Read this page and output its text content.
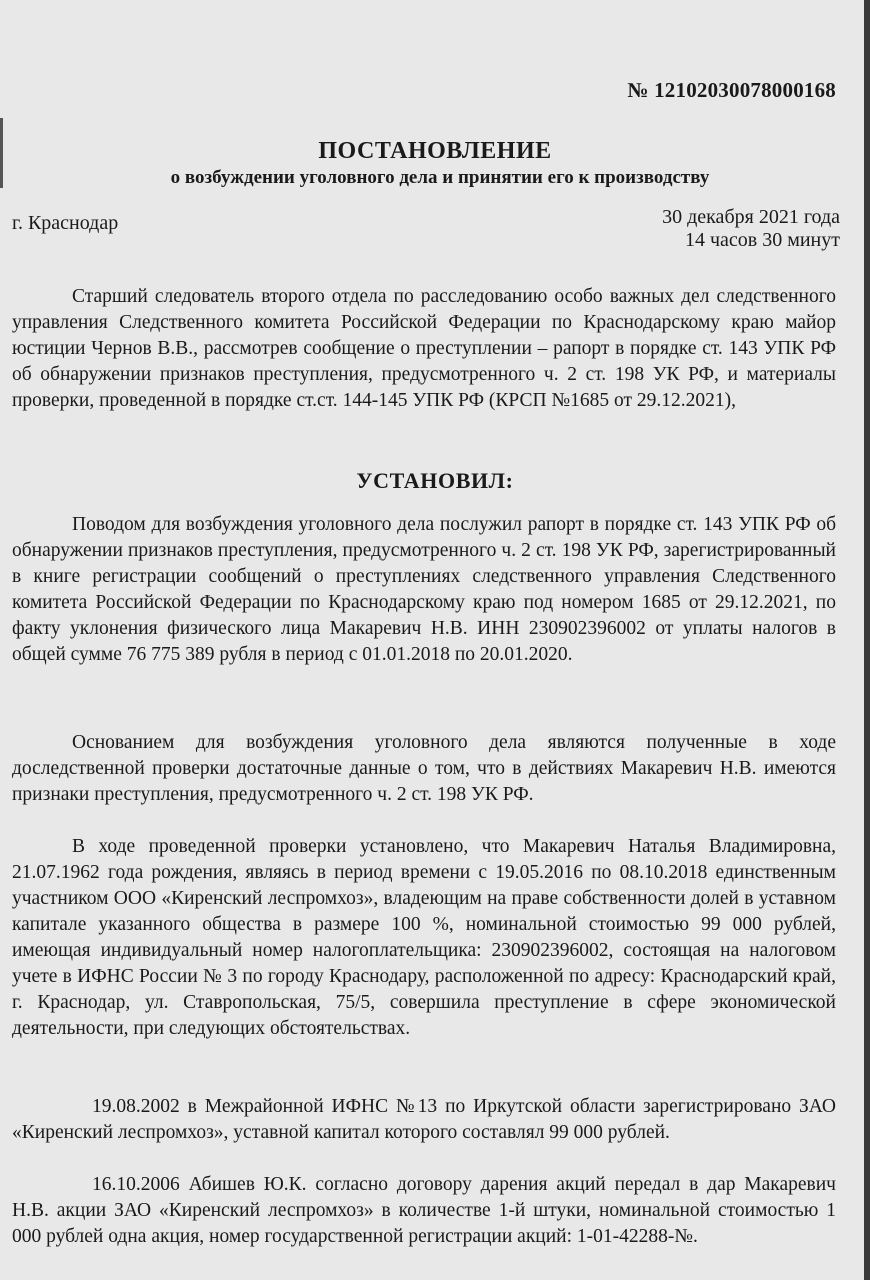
№ 12102030078000168
ПОСТАНОВЛЕНИЕ
о возбуждении уголовного дела и принятии его к производству
г. Краснодар	30 декабря 2021 года
14 часов 30 минут

Старший следователь второго отдела по расследованию особо важных дел следственного управления Следственного комитета Российской Федерации по Краснодарскому краю майор юстиции Чернов В.В., рассмотрев сообщение о преступлении – рапорт в порядке ст. 143 УПК РФ об обнаружении признаков преступления, предусмотренного ч. 2 ст. 198 УК РФ, и материалы проверки, проведенной в порядке ст.ст. 144-145 УПК РФ (КРСП №1685 от 29.12.2021),

УСТАНОВИЛ:

Поводом для возбуждения уголовного дела послужил рапорт в порядке ст. 143 УПК РФ об обнаружении признаков преступления, предусмотренного ч. 2 ст. 198 УК РФ, зарегистрированный в книге регистрации сообщений о преступлениях следственного управления Следственного комитета Российской Федерации по Краснодарскому краю под номером 1685 от 29.12.2021, по факту уклонения физического лица Макаревич Н.В. ИНН 230902396002 от уплаты налогов в общей сумме 76 775 389 рубля в период с 01.01.2018 по 20.01.2020.

Основанием для возбуждения уголовного дела являются полученные в ходе доследственной проверки достаточные данные о том, что в действиях Макаревич Н.В. имеются признаки преступления, предусмотренного ч. 2 ст. 198 УК РФ.

В ходе проведенной проверки установлено, что Макаревич Наталья Владимировна, 21.07.1962 года рождения, являясь в период времени с 19.05.2016 по 08.10.2018 единственным участником ООО «Киренский леспромхоз», владеющим на праве собственности долей в уставном капитале указанного общества в размере 100 %, номинальной стоимостью 99 000 рублей, имеющая индивидуальный номер налогоплательщика: 230902396002, состоящая на налоговом учете в ИФНС России № 3 по городу Краснодару, расположенной по адресу: Краснодарский край, г. Краснодар, ул. Ставропольская, 75/5, совершила преступление в сфере экономической деятельности, при следующих обстоятельствах.

19.08.2002 в Межрайонной ИФНС №13 по Иркутской области зарегистрировано ЗАО «Киренский леспромхоз», уставной капитал которого составлял 99 000 рублей.

16.10.2006 Абишев Ю.К. согласно договору дарения акций передал в дар Макаревич Н.В. акции ЗАО «Киренский леспромхоз» в количестве 1-й штуки, номинальной стоимостью 1 000 рублей одна акция, номер государственной регистрации акций: 1-01-42288-№.
